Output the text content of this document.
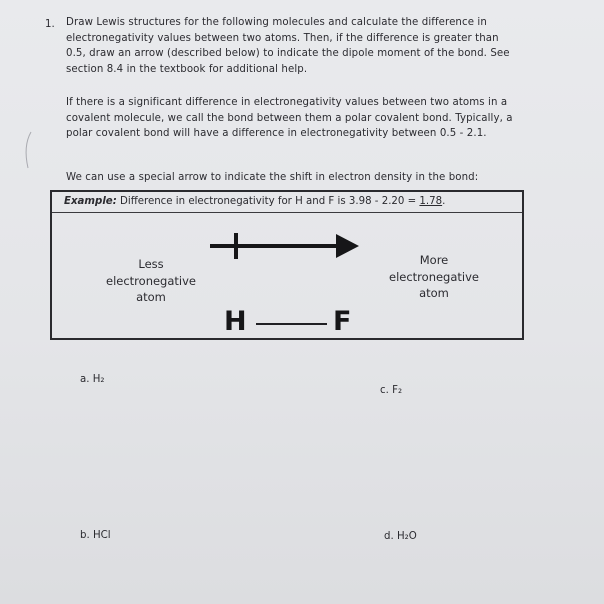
1. Draw Lewis structures for the following molecules and calculate the difference in
electronegativity values between two atoms. Then, if the difference is greater than
0.5, draw an arrow (described below) to indicate the dipole moment of the bond. See
section 8.4 in the textbook for additional help.
If there is a significant difference in electronegativity values between two atoms in a
covalent molecule, we call the bond between them a polar covalent bond. Typically, a
polar covalent bond will have a difference in electronegativity between 0.5 - 2.1.
We can use a special arrow to indicate the shift in electron density in the bond:
Example: Difference in electronegativity for H and F is 3.98 - 2.20 = 1.78.
Less
electronegative
atom
More
electronegative
atom
H	F
a. H₂
c. F₂
b. HCl	d. H₂O
